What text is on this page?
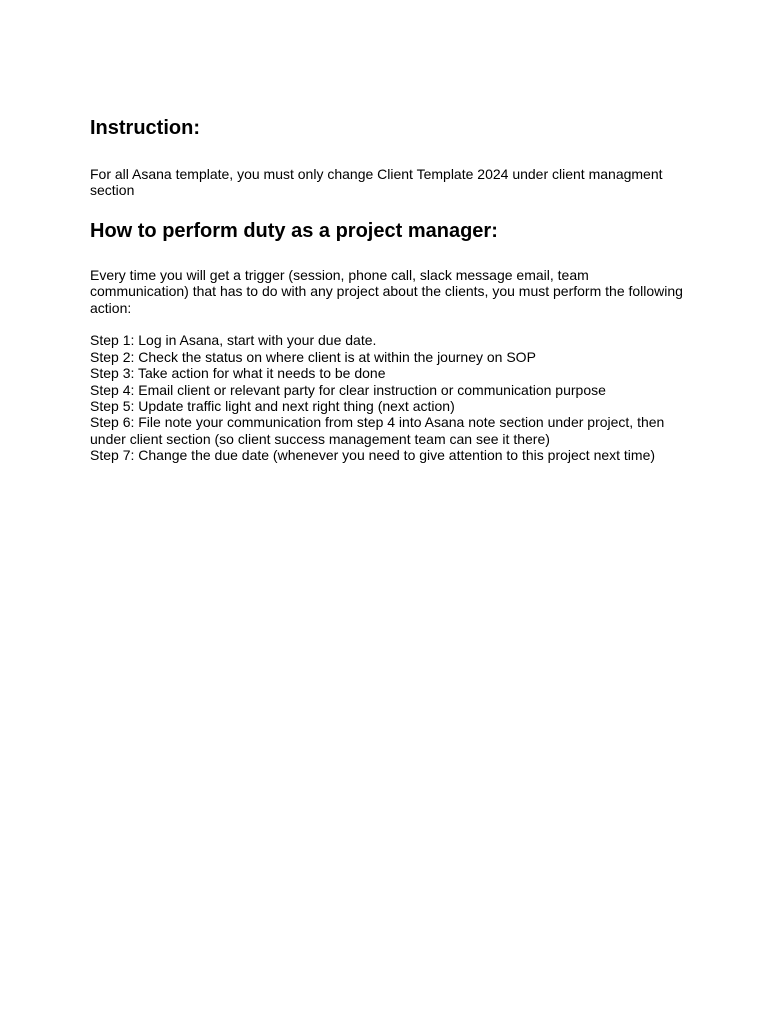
Instruction:

For all Asana template, you must only change Client Template 2024 under client managment section

How to perform duty as a project manager:

Every time you will get a trigger (session, phone call, slack message email, team communication) that has to do with any project about the clients, you must perform the following action:

Step 1: Log in Asana, start with your due date.
Step 2: Check the status on where client is at within the journey on SOP
Step 3: Take action for what it needs to be done
Step 4: Email client or relevant party for clear instruction or communication purpose
Step 5: Update traffic light and next right thing (next action)
Step 6: File note your communication from step 4 into Asana note section under project, then under client section (so client success management team can see it there)
Step 7: Change the due date (whenever you need to give attention to this project next time)
